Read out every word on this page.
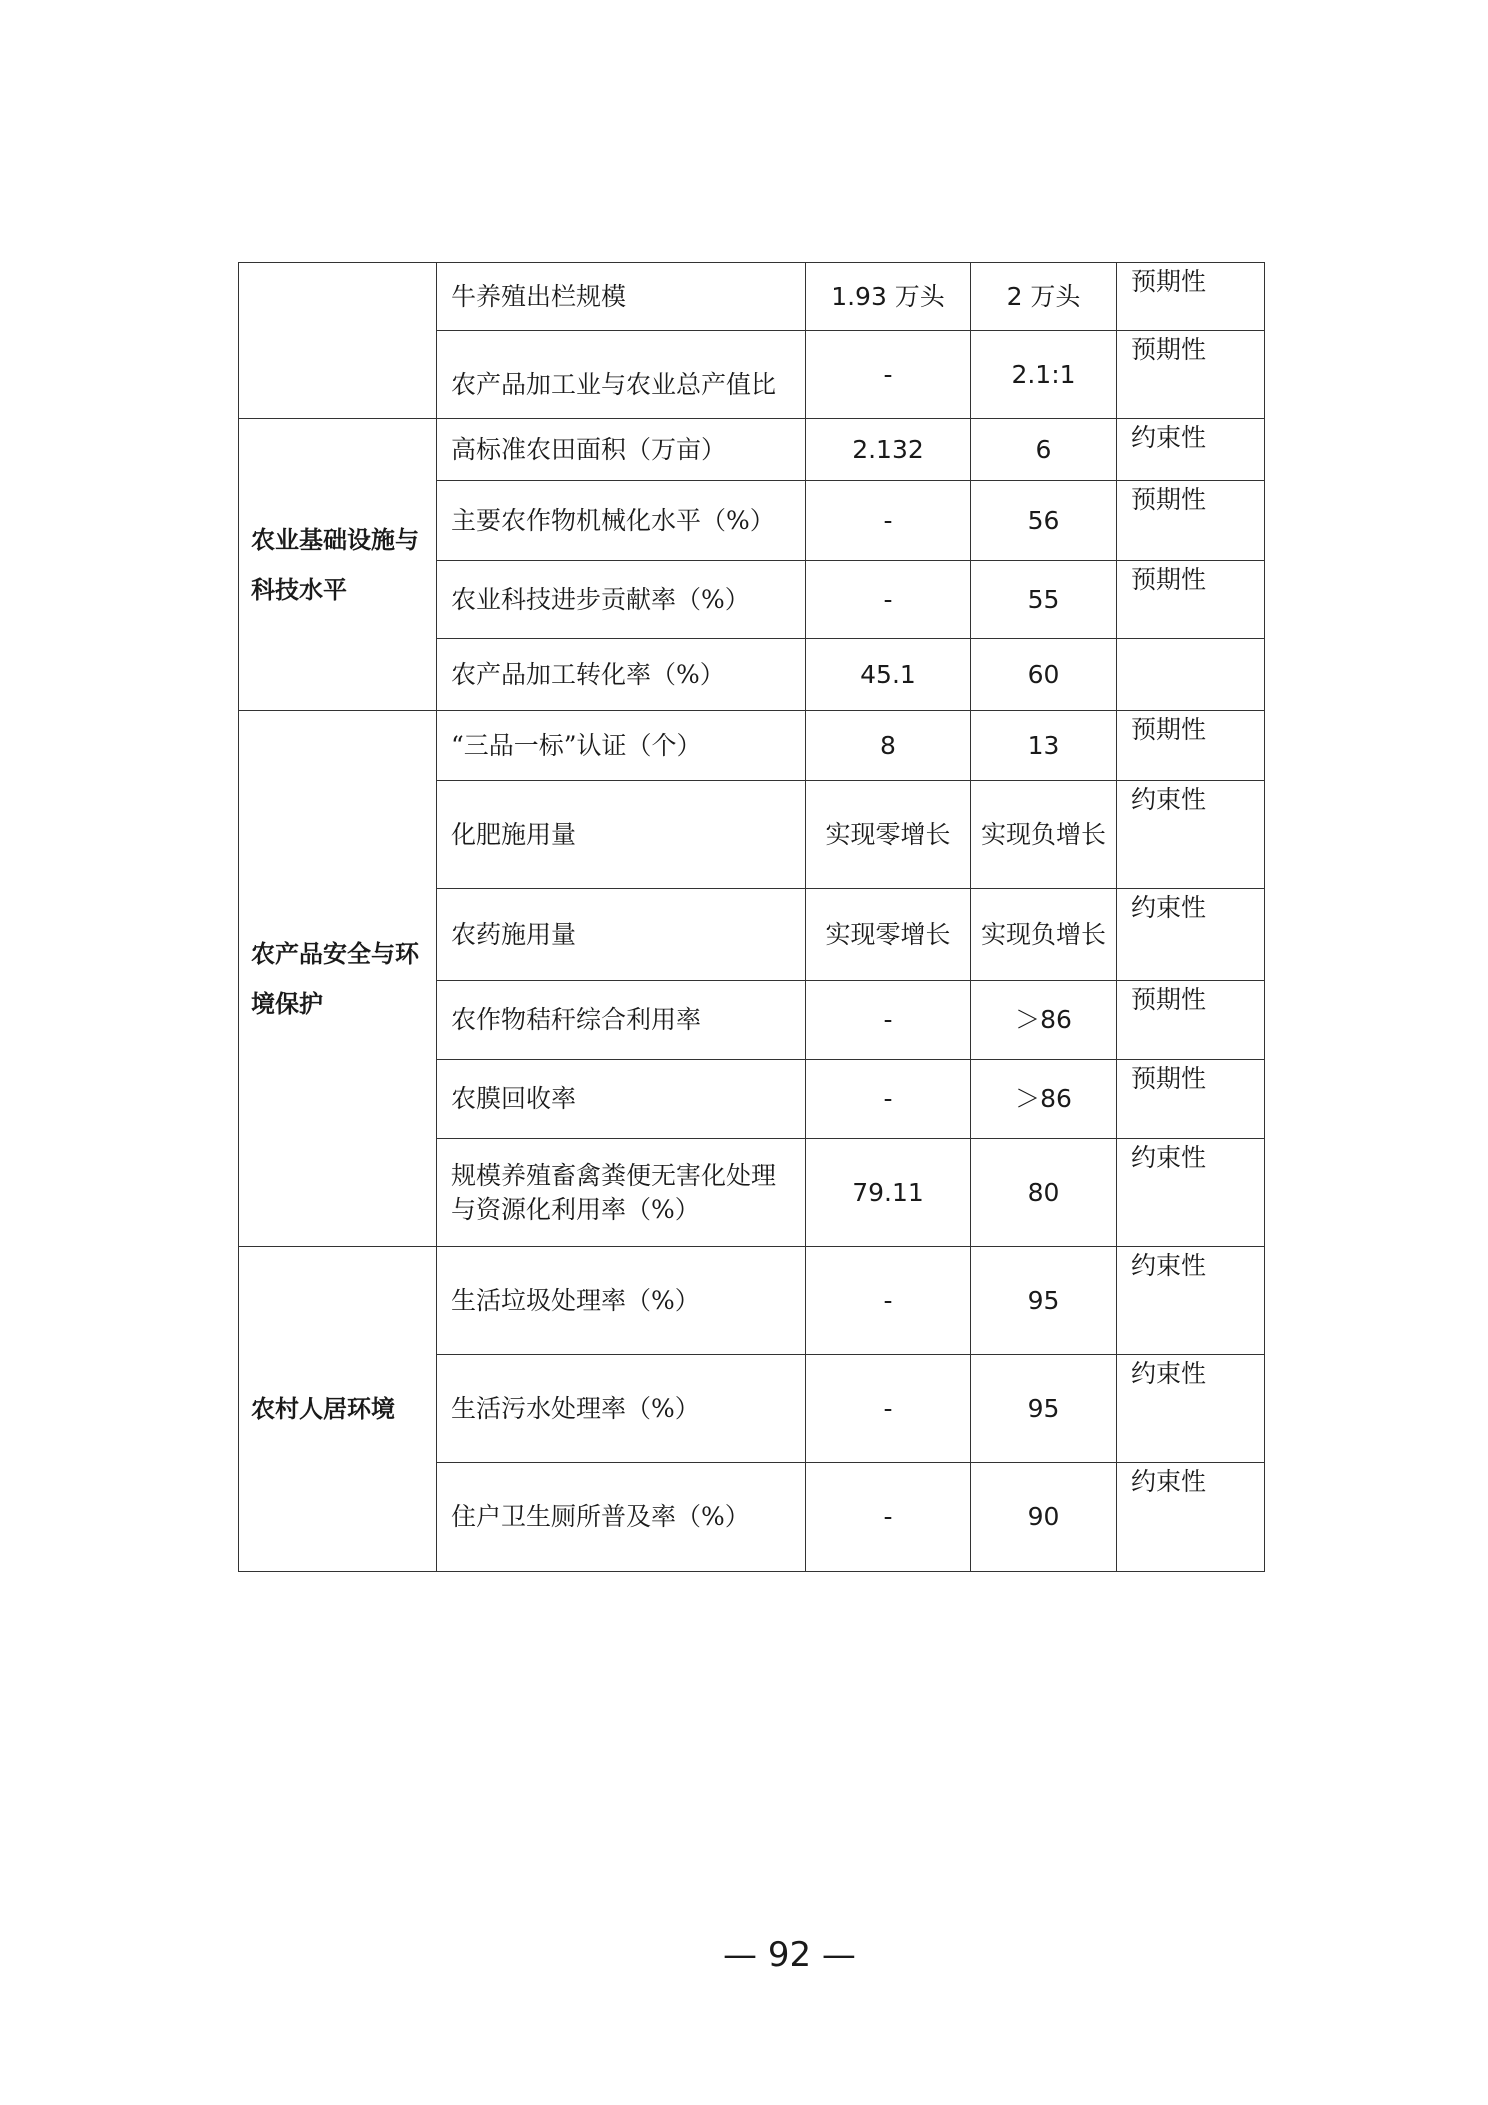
	牛养殖出栏规模	1.93 万头	2 万头	预期性
	农产品加工业与农业总产值比	-	2.1:1	预期性
农业基础设施与科技水平	高标准农田面积（万亩）	2.132	6	约束性
	主要农作物机械化水平（%）	-	56	预期性
	农业科技进步贡献率（%）	-	55	预期性
	农产品加工转化率（%）	45.1	60	
农产品安全与环境保护	“三品一标”认证（个）	8	13	预期性
	化肥施用量	实现零增长	实现负增长	约束性
	农药施用量	实现零增长	实现负增长	约束性
	农作物秸秆综合利用率	-	＞86	预期性
	农膜回收率	-	＞86	预期性
	规模养殖畜禽粪便无害化处理与资源化利用率（%）	79.11	80	约束性
农村人居环境	生活垃圾处理率（%）	-	95	约束性
	生活污水处理率（%）	-	95	约束性
	住户卫生厕所普及率（%）	-	90	约束性
— 92 —
